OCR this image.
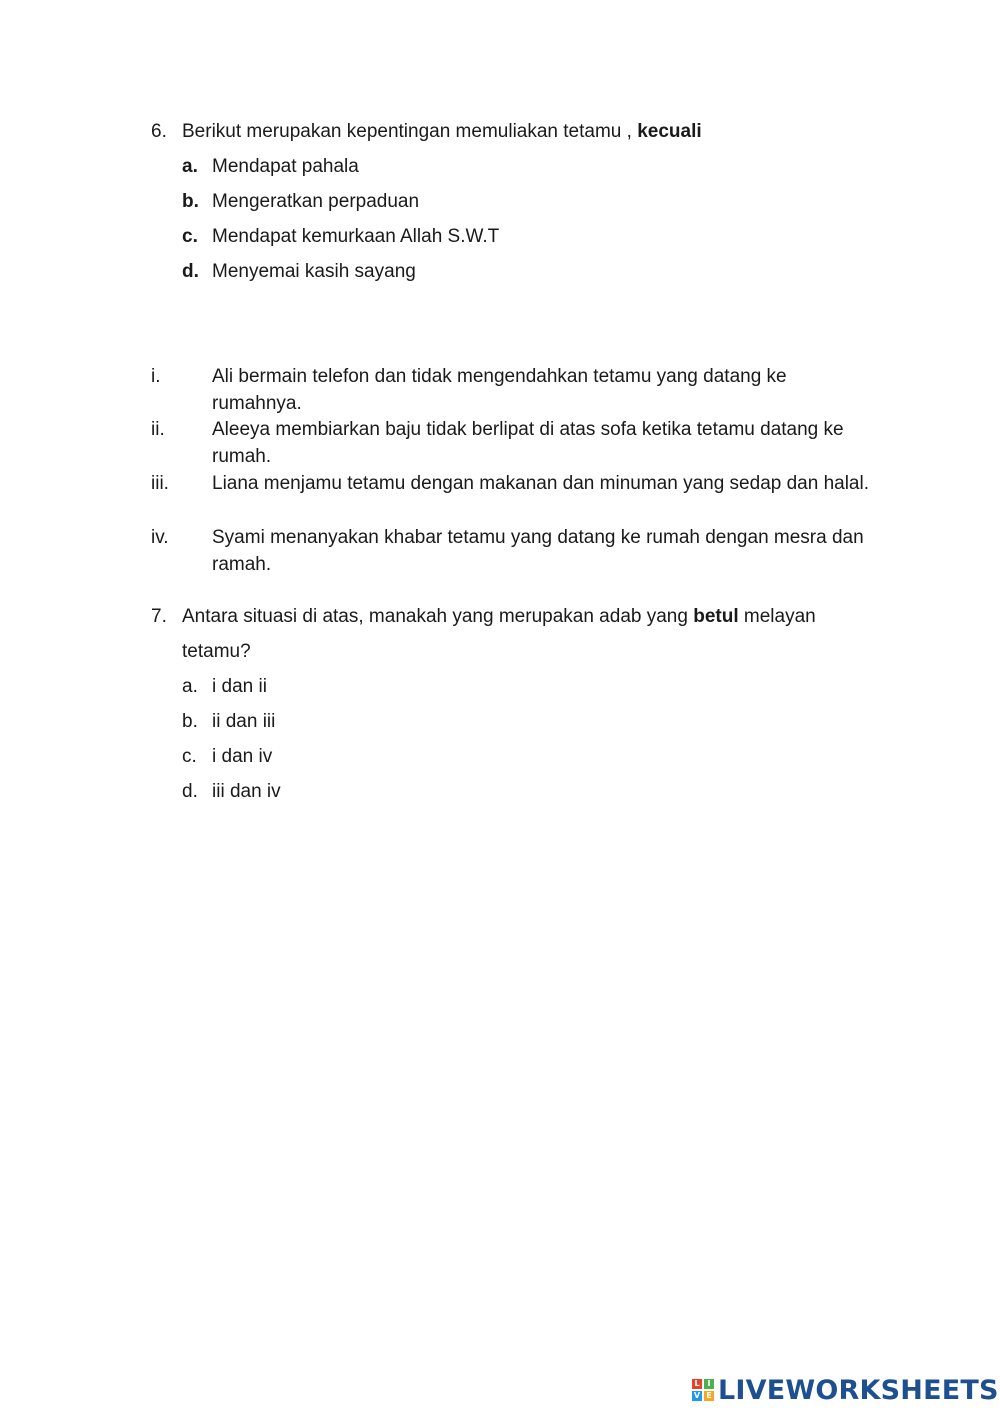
6. Berikut merupakan kepentingan memuliakan tetamu , kecuali
a. Mendapat pahala
b. Mengeratkan perpaduan
c. Mendapat kemurkaan Allah S.W.T
d. Menyemai kasih sayang
i.	Ali bermain telefon dan tidak mengendahkan tetamu yang datang ke rumahnya.
ii. Aleeya membiarkan baju tidak berlipat di atas sofa ketika tetamu datang ke rumah.
iii. Liana menjamu tetamu dengan makanan dan minuman yang sedap dan halal.
iv. Syami menanyakan khabar tetamu yang datang ke rumah dengan mesra dan ramah.
7. Antara situasi di atas, manakah yang merupakan adab yang betul melayan
tetamu?
a. i dan ii
b. ii dan iii
c. i dan iv
d. iii dan iv
L I
V E LIVEWORKSHEETS
